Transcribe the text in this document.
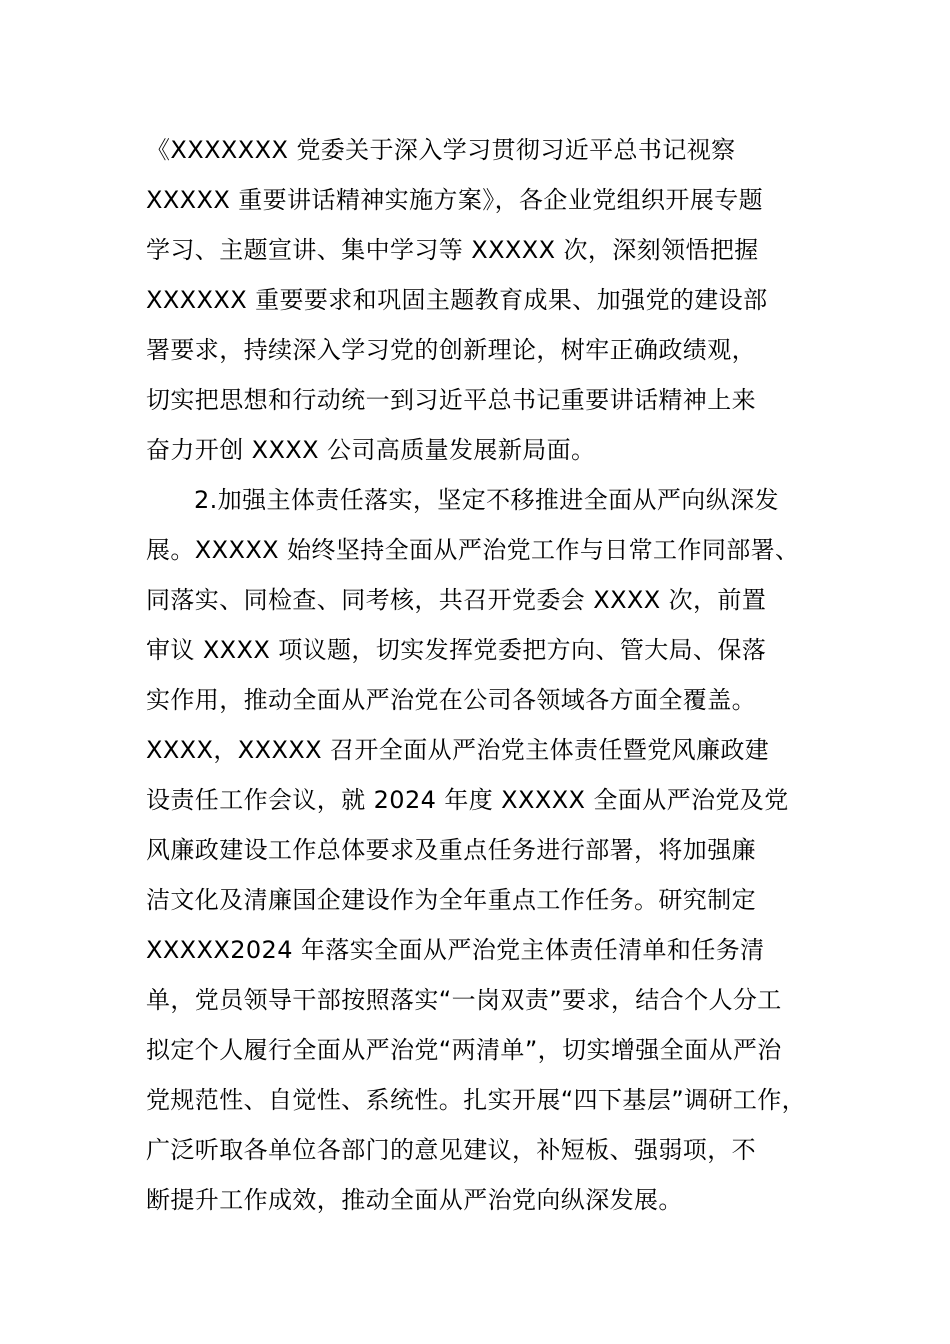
《XXXXXXX 党委关于深入学习贯彻习近平总书记视察
XXXXX 重要讲话精神实施方案》，各企业党组织开展专题
学习、主题宣讲、集中学习等 XXXXX 次，深刻领悟把握
XXXXXX 重要要求和巩固主题教育成果、加强党的建设部
署要求，持续深入学习党的创新理论，树牢正确政绩观，
切实把思想和行动统一到习近平总书记重要讲话精神上来
奋力开创 XXXX 公司高质量发展新局面。
2.加强主体责任落实，坚定不移推进全面从严向纵深发
展。XXXXX 始终坚持全面从严治党工作与日常工作同部署、
同落实、同检查、同考核，共召开党委会 XXXX 次，前置
审议 XXXX 项议题，切实发挥党委把方向、管大局、保落
实作用，推动全面从严治党在公司各领域各方面全覆盖。
XXXX，XXXXX 召开全面从严治党主体责任暨党风廉政建
设责任工作会议，就 2024 年度 XXXXX 全面从严治党及党
风廉政建设工作总体要求及重点任务进行部署，将加强廉
洁文化及清廉国企建设作为全年重点工作任务。研究制定
XXXXX2024 年落实全面从严治党主体责任清单和任务清
单，党员领导干部按照落实“一岗双责”要求，结合个人分工
拟定个人履行全面从严治党“两清单”，切实增强全面从严治
党规范性、自觉性、系统性。扎实开展“四下基层”调研工作，
广泛听取各单位各部门的意见建议，补短板、强弱项，不
断提升工作成效，推动全面从严治党向纵深发展。
